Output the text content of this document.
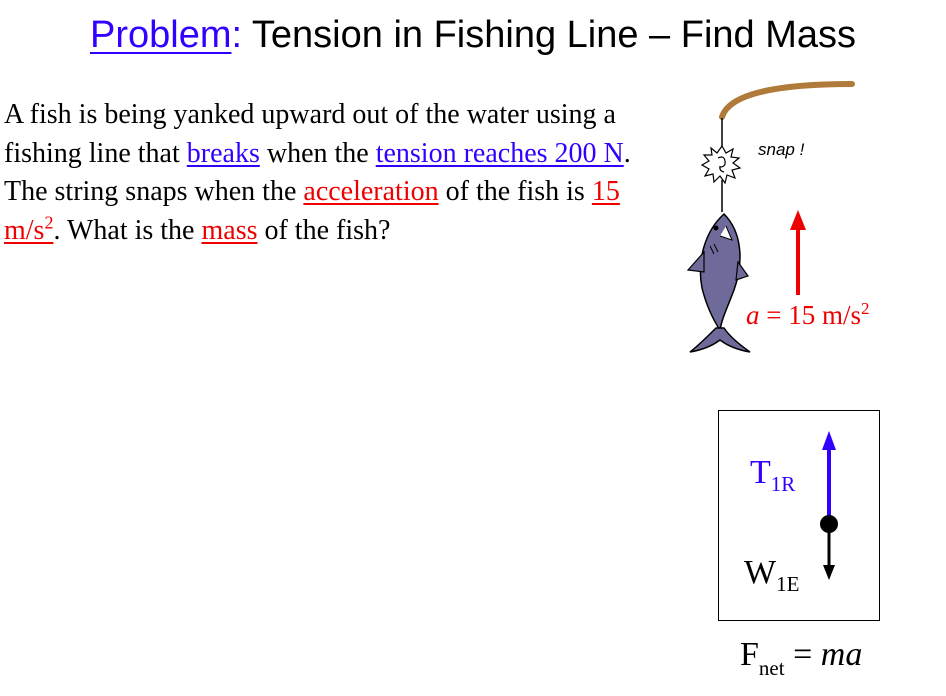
Problem: Tension in Fishing Line – Find Mass
A fish is being yanked upward out of the water using a fishing line that breaks when the tension reaches 200 N. The string snaps when the acceleration of the fish is 15 $m/s^2$. What is the mass of the fish?
snap !
a = 15 $m/s^2$
$T_{1R}$
$W_{1E}$
$F_{net}$ = ma
